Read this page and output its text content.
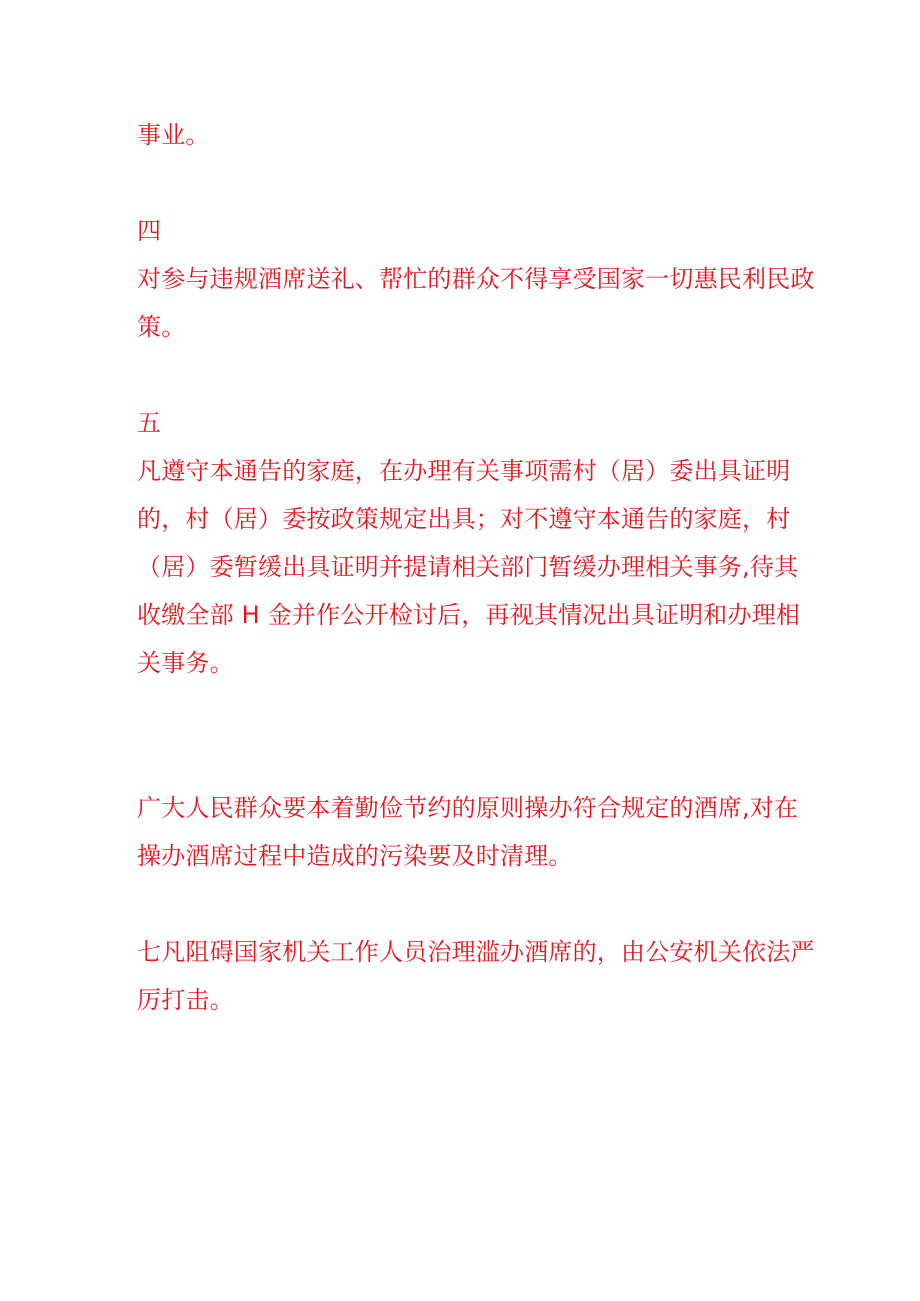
事业。
四
对参与违规酒席送礼、帮忙的群众不得享受国家一切惠民利民政
策。
五
凡遵守本通告的家庭，在办理有关事项需村（居）委出具证明
的，村（居）委按政策规定出具；对不遵守本通告的家庭，村
（居）委暂缓出具证明并提请相关部门暂缓办理相关事务,待其
收缴全部 H 金并作公开检讨后，再视其情况出具证明和办理相
关事务。
广大人民群众要本着勤俭节约的原则操办符合规定的酒席,对在
操办酒席过程中造成的污染要及时清理。
七凡阻碍国家机关工作人员治理滥办酒席的，由公安机关依法严
厉打击。
